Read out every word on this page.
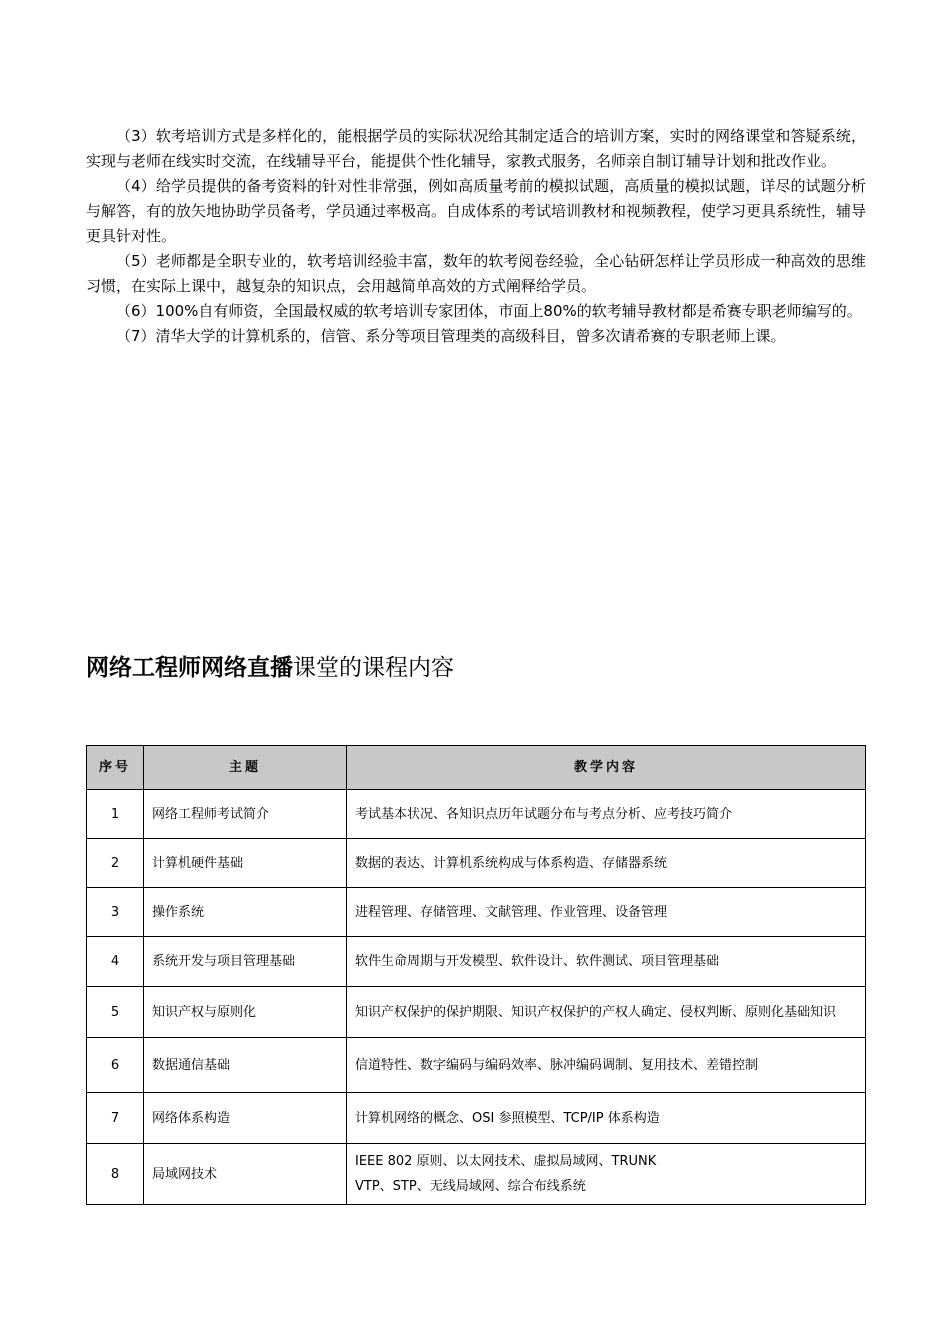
（3）软考培训方式是多样化的，能根据学员的实际状况给其制定适合的培训方案，实时的网络课堂和答疑系统，实现与老师在线实时交流，在线辅导平台，能提供个性化辅导，家教式服务，名师亲自制订辅导计划和批改作业。

（4）给学员提供的备考资料的针对性非常强，例如高质量考前的模拟试题，高质量的模拟试题，详尽的试题分析与解答，有的放矢地协助学员备考，学员通过率极高。自成体系的考试培训教材和视频教程，使学习更具系统性，辅导更具针对性。

（5）老师都是全职专业的，软考培训经验丰富，数年的软考阅卷经验，全心钻研怎样让学员形成一种高效的思维习惯，在实际上课中，越复杂的知识点，会用越简单高效的方式阐释给学员。

（6）100%自有师资，全国最权威的软考培训专家团体，市面上80%的软考辅导教材都是希赛专职老师编写的。

（7）清华大学的计算机系的，信管、系分等项目管理类的高级科目，曾多次请希赛的专职老师上课。

网络工程师网络直播课堂的课程内容
序号	主题	教学内容
1	网络工程师考试简介	考试基本状况、各知识点历年试题分布与考点分析、应考技巧简介
2	计算机硬件基础	数据的表达、计算机系统构成与体系构造、存储器系统
3	操作系统	进程管理、存储管理、文献管理、作业管理、设备管理
4	系统开发与项目管理基础	软件生命周期与开发模型、软件设计、软件测试、项目管理基础
5	知识产权与原则化	知识产权保护的保护期限、知识产权保护的产权人确定、侵权判断、原则化基础知识
6	数据通信基础	信道特性、数字编码与编码效率、脉冲编码调制、复用技术、差错控制
7	网络体系构造	计算机网络的概念、OSI 参照模型、TCP/IP 体系构造
8	局域网技术	IEEE 802 原则、以太网技术、虚拟局域网、TRUNK
VTP、STP、无线局域网、综合布线系统
